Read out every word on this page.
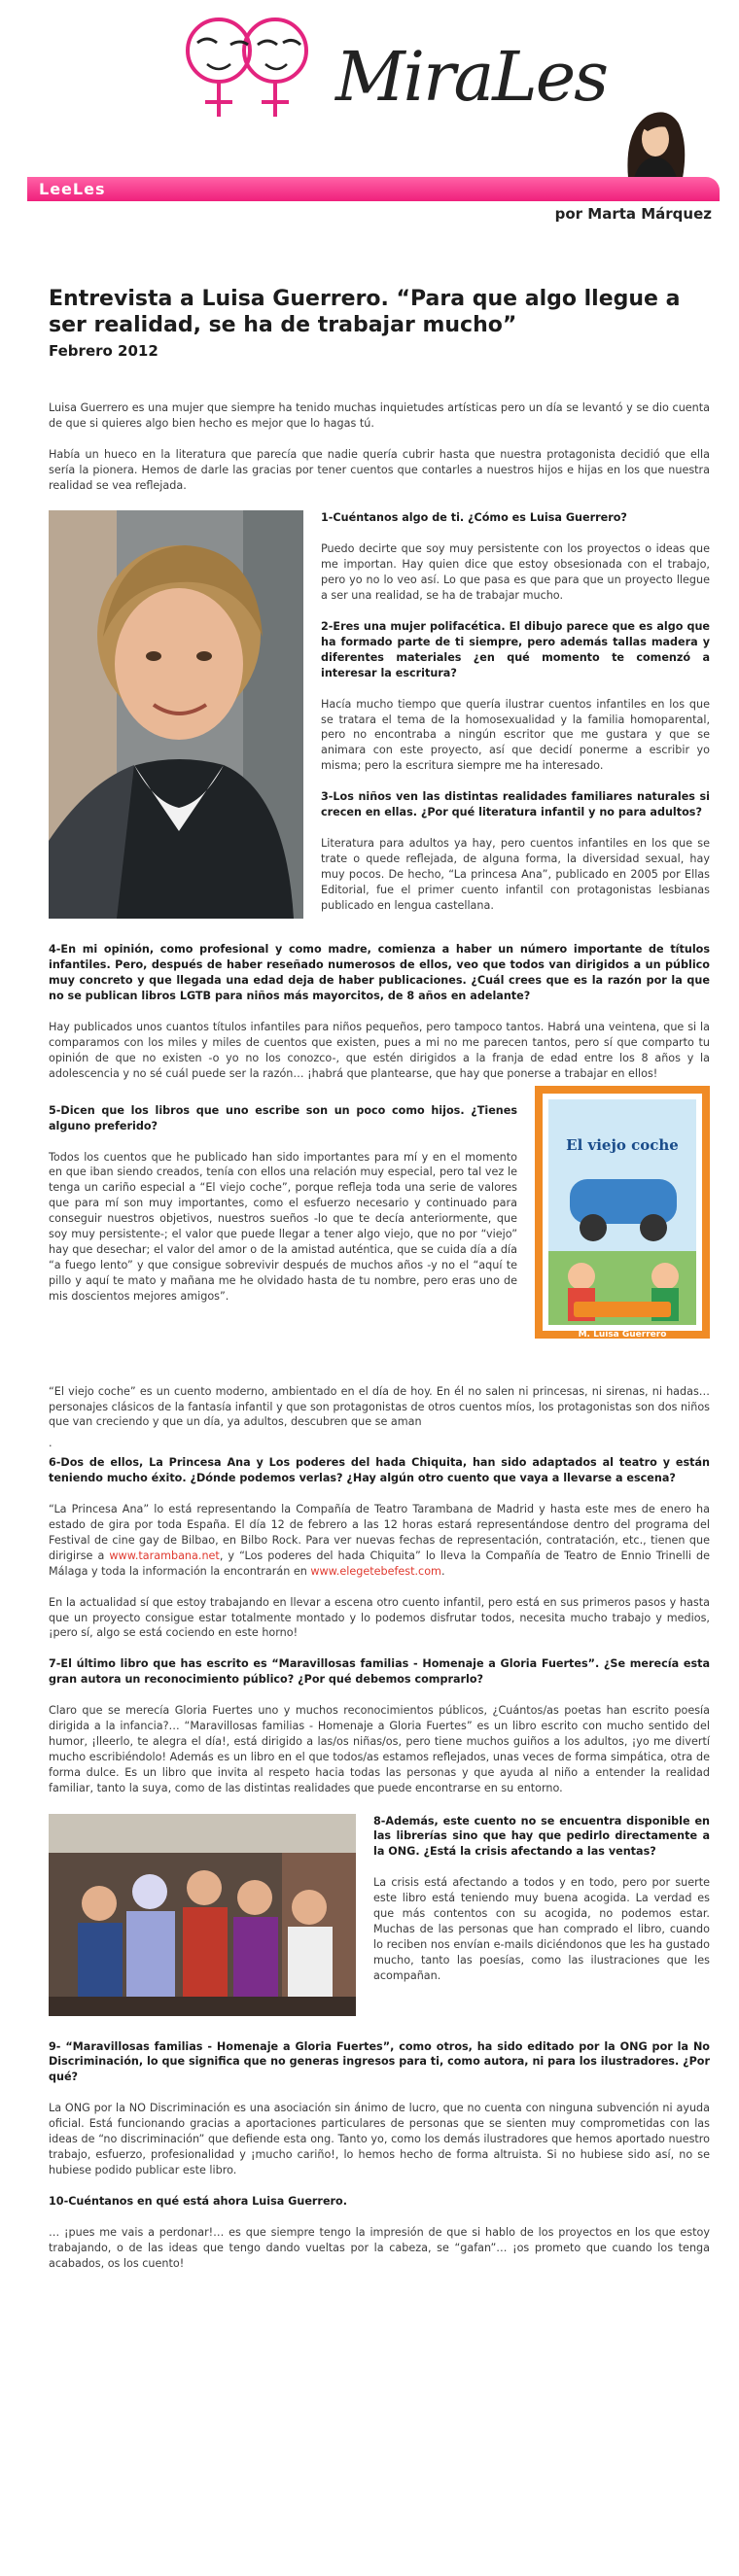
MiraLes
LeeLes
por Marta Márquez
Entrevista a Luisa Guerrero. “Para que algo llegue a ser realidad, se ha de trabajar mucho”
Febrero 2012

Luisa Guerrero es una mujer que siempre ha tenido muchas inquietudes artísticas pero un día se levantó y se dio cuenta de que si quieres algo bien hecho es mejor que lo hagas tú.

Había un hueco en la literatura que parecía que nadie quería cubrir hasta que nuestra protagonista decidió que ella sería la pionera. Hemos de darle las gracias por tener cuentos que contarles a nuestros hijos e hijas en los que nuestra realidad se vea reflejada.

1-Cuéntanos algo de ti. ¿Cómo es Luisa Guerrero?

Puedo decirte que soy muy persistente con los proyectos o ideas que me importan. Hay quien dice que estoy obsesionada con el trabajo, pero yo no lo veo así. Lo que pasa es que para que un proyecto llegue a ser una realidad, se ha de trabajar mucho.

2-Eres una mujer polifacética. El dibujo parece que es algo que ha formado parte de ti siempre, pero además tallas madera y diferentes materiales ¿en qué momento te comenzó a interesar la escritura?

Hacía mucho tiempo que quería ilustrar cuentos infantiles en los que se tratara el tema de la homosexualidad y la familia homoparental, pero no encontraba a ningún escritor que me gustara y que se animara con este proyecto, así que decidí ponerme a escribir yo misma; pero la escritura siempre me ha interesado.

3-Los niños ven las distintas realidades familiares naturales si crecen en ellas. ¿Por qué literatura infantil y no para adultos?

Literatura para adultos ya hay, pero cuentos infantiles en los que se trate o quede reflejada, de alguna forma, la diversidad sexual, hay muy pocos. De hecho, “La princesa Ana”, publicado en 2005 por Ellas Editorial, fue el primer cuento infantil con protagonistas lesbianas publicado en lengua castellana.

4-En mi opinión, como profesional y como madre, comienza a haber un número importante de títulos infantiles. Pero, después de haber reseñado numerosos de ellos, veo que todos van dirigidos a un público muy concreto y que llegada una edad deja de haber publicaciones. ¿Cuál crees que es la razón por la que no se publican libros LGTB para niños más mayorcitos, de 8 años en adelante?

Hay publicados unos cuantos títulos infantiles para niños pequeños, pero tampoco tantos. Habrá una veintena, que si la comparamos con los miles y miles de cuentos que existen, pues a mi no me parecen tantos, pero sí que comparto tu opinión de que no existen -o yo no los conozco-, que estén dirigidos a la franja de edad entre los 8 años y la adolescencia y no sé cuál puede ser la razón… ¡habrá que plantearse, que hay que ponerse a trabajar en ellos!

El viejo coche
M. Luisa Guerrero

5-Dicen que los libros que uno escribe son un poco como hijos. ¿Tienes alguno preferido?

Todos los cuentos que he publicado han sido importantes para mí y en el momento en que iban siendo creados, tenía con ellos una relación muy especial, pero tal vez le tenga un cariño especial a “El viejo coche”, porque refleja toda una serie de valores que para mí son muy importantes, como el esfuerzo necesario y continuado para conseguir nuestros objetivos, nuestros sueños -lo que te decía anteriormente, que soy muy persistente-; el valor que puede llegar a tener algo viejo, que no por “viejo” hay que desechar; el valor del amor o de la amistad auténtica, que se cuida día a día “a fuego lento” y que consigue sobrevivir después de muchos años -y no el “aquí te pillo y aquí te mato y mañana me he olvidado hasta de tu nombre, pero eras uno de mis doscientos mejores amigos”.

“El viejo coche” es un cuento moderno, ambientado en el día de hoy. En él no salen ni princesas, ni sirenas, ni hadas… personajes clásicos de la fantasía infantil y que son protagonistas de otros cuentos míos, los protagonistas son dos niños que van creciendo y que un día, ya adultos, descubren que se aman

.

6-Dos de ellos, La Princesa Ana y Los poderes del hada Chiquita, han sido adaptados al teatro y están teniendo mucho éxito. ¿Dónde podemos verlas? ¿Hay algún otro cuento que vaya a llevarse a escena?

“La Princesa Ana” lo está representando la Compañía de Teatro Tarambana de Madrid y hasta este mes de enero ha estado de gira por toda España. El día 12 de febrero a las 12 horas estará representándose dentro del programa del Festival de cine gay de Bilbao, en Bilbo Rock. Para ver nuevas fechas de representación, contratación, etc., tienen que dirigirse a www.tarambana.net, y “Los poderes del hada Chiquita” lo lleva la Compañía de Teatro de Ennio Trinelli de Málaga y toda la información la encontrarán en www.elegetebefest.com.

En la actualidad sí que estoy trabajando en llevar a escena otro cuento infantil, pero está en sus primeros pasos y hasta que un proyecto consigue estar totalmente montado y lo podemos disfrutar todos, necesita mucho trabajo y medios, ¡pero sí, algo se está cociendo en este horno!

7-El último libro que has escrito es “Maravillosas familias - Homenaje a Gloria Fuertes”. ¿Se merecía esta gran autora un reconocimiento público? ¿Por qué debemos comprarlo?

Claro que se merecía Gloria Fuertes uno y muchos reconocimientos públicos, ¿Cuántos/as poetas han escrito poesía dirigida a la infancia?… “Maravillosas familias - Homenaje a Gloria Fuertes” es un libro escrito con mucho sentido del humor, ¡lleerlo, te alegra el día!, está dirigido a las/os niñas/os, pero tiene muchos guiños a los adultos, ¡yo me divertí mucho escribiéndolo! Además es un libro en el que todos/as estamos reflejados, unas veces de forma simpática, otra de forma dulce. Es un libro que invita al respeto hacia todas las personas y que ayuda al niño a entender la realidad familiar, tanto la suya, como de las distintas realidades que puede encontrarse en su entorno.

8-Además, este cuento no se encuentra disponible en las librerías sino que hay que pedirlo directamente a la ONG. ¿Está la crisis afectando a las ventas?

La crisis está afectando a todos y en todo, pero por suerte este libro está teniendo muy buena acogida. La verdad es que más contentos con su acogida, no podemos estar. Muchas de las personas que han comprado el libro, cuando lo reciben nos envían e-mails diciéndonos que les ha gustado mucho, tanto las poesías, como las ilustraciones que les acompañan.

9- “Maravillosas familias - Homenaje a Gloria Fuertes”, como otros, ha sido editado por la ONG por la No Discriminación, lo que significa que no generas ingresos para ti, como autora, ni para los ilustradores. ¿Por qué?

La ONG por la NO Discriminación es una asociación sin ánimo de lucro, que no cuenta con ninguna subvención ni ayuda oficial. Está funcionando gracias a aportaciones particulares de personas que se sienten muy comprometidas con las ideas de “no discriminación” que defiende esta ong. Tanto yo, como los demás ilustradores que hemos aportado nuestro trabajo, esfuerzo, profesionalidad y ¡mucho cariño!, lo hemos hecho de forma altruista. Si no hubiese sido así, no se hubiese podido publicar este libro.

10-Cuéntanos en qué está ahora Luisa Guerrero.

… ¡pues me vais a perdonar!… es que siempre tengo la impresión de que si hablo de los proyectos en los que estoy trabajando, o de las ideas que tengo dando vueltas por la cabeza, se “gafan”… ¡os prometo que cuando los tenga acabados, os los cuento!
